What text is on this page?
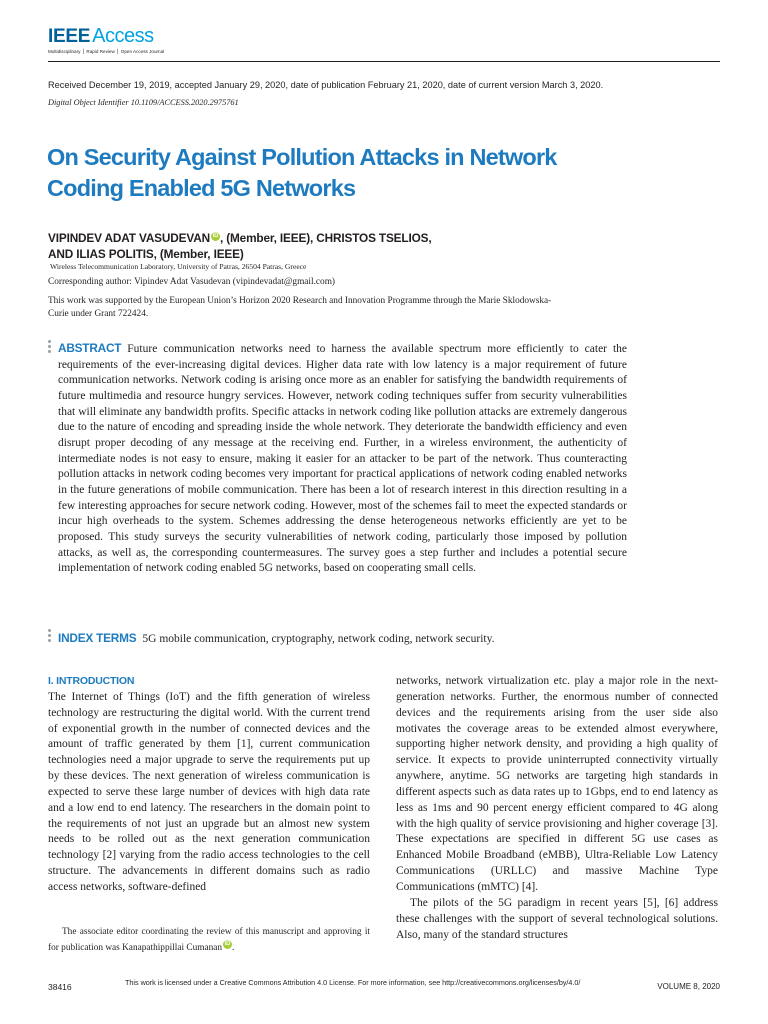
IEEE Access
Multidisciplinary ⎪ Rapid Review ⎪ Open Access Journal
Received December 19, 2019, accepted January 29, 2020, date of publication February 21, 2020, date of current version March 3, 2020.
Digital Object Identifier 10.1109/ACCESS.2020.2975761
On Security Against Pollution Attacks in Network
Coding Enabled 5G Networks
VIPINDEV ADAT VASUDEVAN iD , (Member, IEEE), CHRISTOS TSELIOS,
AND ILIAS POLITIS, (Member, IEEE)
Wireless Telecommunication Laboratory, University of Patras, 26504 Patras, Greece
Corresponding author: Vipindev Adat Vasudevan (vipindevadat@gmail.com)
This work was supported by the European Union’s Horizon 2020 Research and Innovation Programme through the Marie Sklodowska-Curie under Grant 722424.
ABSTRACT Future communication networks need to harness the available spectrum more efficiently to cater the requirements of the ever-increasing digital devices. Higher data rate with low latency is a major requirement of future communication networks. Network coding is arising once more as an enabler for satisfying the bandwidth requirements of future multimedia and resource hungry services. However, network coding techniques suffer from security vulnerabilities that will eliminate any bandwidth profits. Specific attacks in network coding like pollution attacks are extremely dangerous due to the nature of encoding and spreading inside the whole network. They deteriorate the bandwidth efficiency and even disrupt proper decoding of any message at the receiving end. Further, in a wireless environment, the authenticity of intermediate nodes is not easy to ensure, making it easier for an attacker to be part of the network. Thus counteracting pollution attacks in network coding becomes very important for practical applications of network coding enabled networks in the future generations of mobile communication. There has been a lot of research interest in this direction resulting in a few interesting approaches for secure network coding. However, most of the schemes fail to meet the expected standards or incur high overheads to the system. Schemes addressing the dense heterogeneous networks efficiently are yet to be proposed. This study surveys the security vulnerabilities of network coding, particularly those imposed by pollution attacks, as well as, the corresponding countermeasures. The survey goes a step further and includes a potential secure implementation of network coding enabled 5G networks, based on cooperating small cells.
INDEX TERMS 5G mobile communication, cryptography, network coding, network security.
I. INTRODUCTION

The Internet of Things (IoT) and the fifth generation of wireless technology are restructuring the digital world. With the current trend of exponential growth in the number of connected devices and the amount of traffic generated by them [1], current communication technologies need a major upgrade to serve the requirements put up by these devices. The next generation of wireless communication is expected to serve these large number of devices with high data rate and a low end to end latency. The researchers in the domain point to the requirements of not just an upgrade but an almost new system needs to be rolled out as the next generation communication technology [2] varying from the radio access technologies to the cell structure. The advancements in different domains such as radio access networks, software-defined

networks, network virtualization etc. play a major role in the next-generation networks. Further, the enormous number of connected devices and the requirements arising from the user side also motivates the coverage areas to be extended almost everywhere, supporting higher network density, and providing a high quality of service. It expects to provide uninterrupted connectivity virtually anywhere, anytime. 5G networks are targeting high standards in different aspects such as data rates up to 1Gbps, end to end latency as less as 1ms and 90 percent energy efficient compared to 4G along with the high quality of service provisioning and higher coverage [3]. These expectations are specified in different 5G use cases as Enhanced Mobile Broadband (eMBB), Ultra-Reliable Low Latency Communications (URLLC) and massive Machine Type Communications (mMTC) [4].

The pilots of the 5G paradigm in recent years [5], [6] address these challenges with the support of several technological solutions. Also, many of the standard structures

The associate editor coordinating the review of this manuscript and approving it for publication was Kanapathippillai Cumanan iD .
38416	This work is licensed under a Creative Commons Attribution 4.0 License. For more information, see http://creativecommons.org/licenses/by/4.0/	VOLUME 8, 2020
